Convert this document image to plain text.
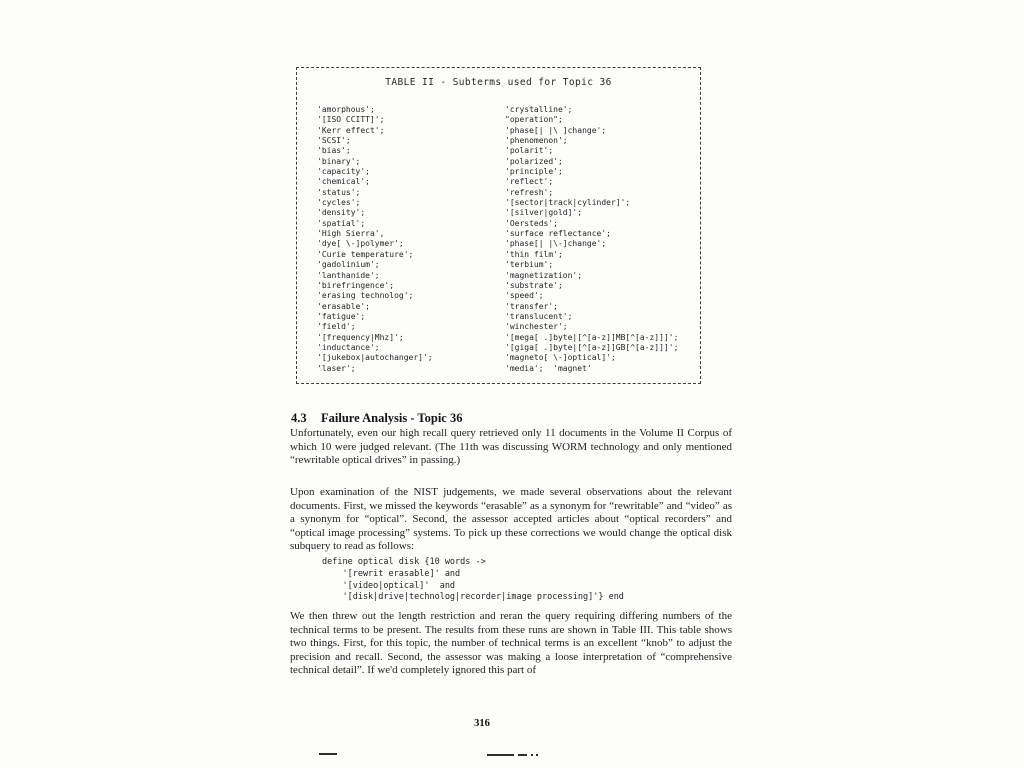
TABLE II - Subterms used for Topic 36
'amorphous';
'[ISO CCITT]';
'Kerr effect';
'SCSI';
'bias';
'binary';
'capacity';
'chemical';
'status';
'cycles';
'density';
'spatial';
'High Sierra',
'dye[ \-]polymer';
'Curie temperature';
'gadolinium';
'lanthanide';
'birefringence';
'erasing technolog';
'erasable';
'fatigue';
'field';
'[frequency|Mhz]';
'inductance';
'[jukebox|autochanger]';
'laser';
'crystalline';
"operation";
'phase[| |\ ]change';
'phenomenon';
'polarit';
'polarized';
'principle';
'reflect';
'refresh';
'[sector|track|cylinder]';
'[silver|gold]';
'Oersteds';
'surface reflectance';
'phase[| |\-]change';
'thin film';
'terbium';
'magnetization';
'substrate';
'speed';
'transfer';
'translucent';
'winchester';
'[mega[ .]byte|[^[a-z]]MB[^[a-z]]]';
'[giga[ .]byte|[^[a-z]]GB[^[a-z]]]';
'magneto[ \-]optical]';
'media';  'magnet'
4.3 Failure Analysis - Topic 36
Unfortunately, even our high recall query retrieved only 11 documents in the Volume II Corpus of which 10 were judged relevant. (The 11th was discussing WORM technology and only mentioned “rewritable optical drives” in passing.)
Upon examination of the NIST judgements, we made several observations about the relevant documents. First, we missed the keywords “erasable” as a synonym for “rewritable” and “video” as a synonym for “optical”. Second, the assessor accepted articles about “optical recorders” and “optical image processing” systems. To pick up these corrections we would change the optical disk subquery to read as follows:
define optical disk {10 words ->
'[rewrit erasable]' and
'[video|optical]'  and
'[disk|drive|technolog|recorder|image processing]'} end
We then threw out the length restriction and reran the query requiring differing numbers of the technical terms to be present. The results from these runs are shown in Table III. This table shows two things. First, for this topic, the number of technical terms is an excellent “knob” to adjust the precision and recall. Second, the assessor was making a loose interpretation of “comprehensive technical detail”. If we'd completely ignored this part of
316
